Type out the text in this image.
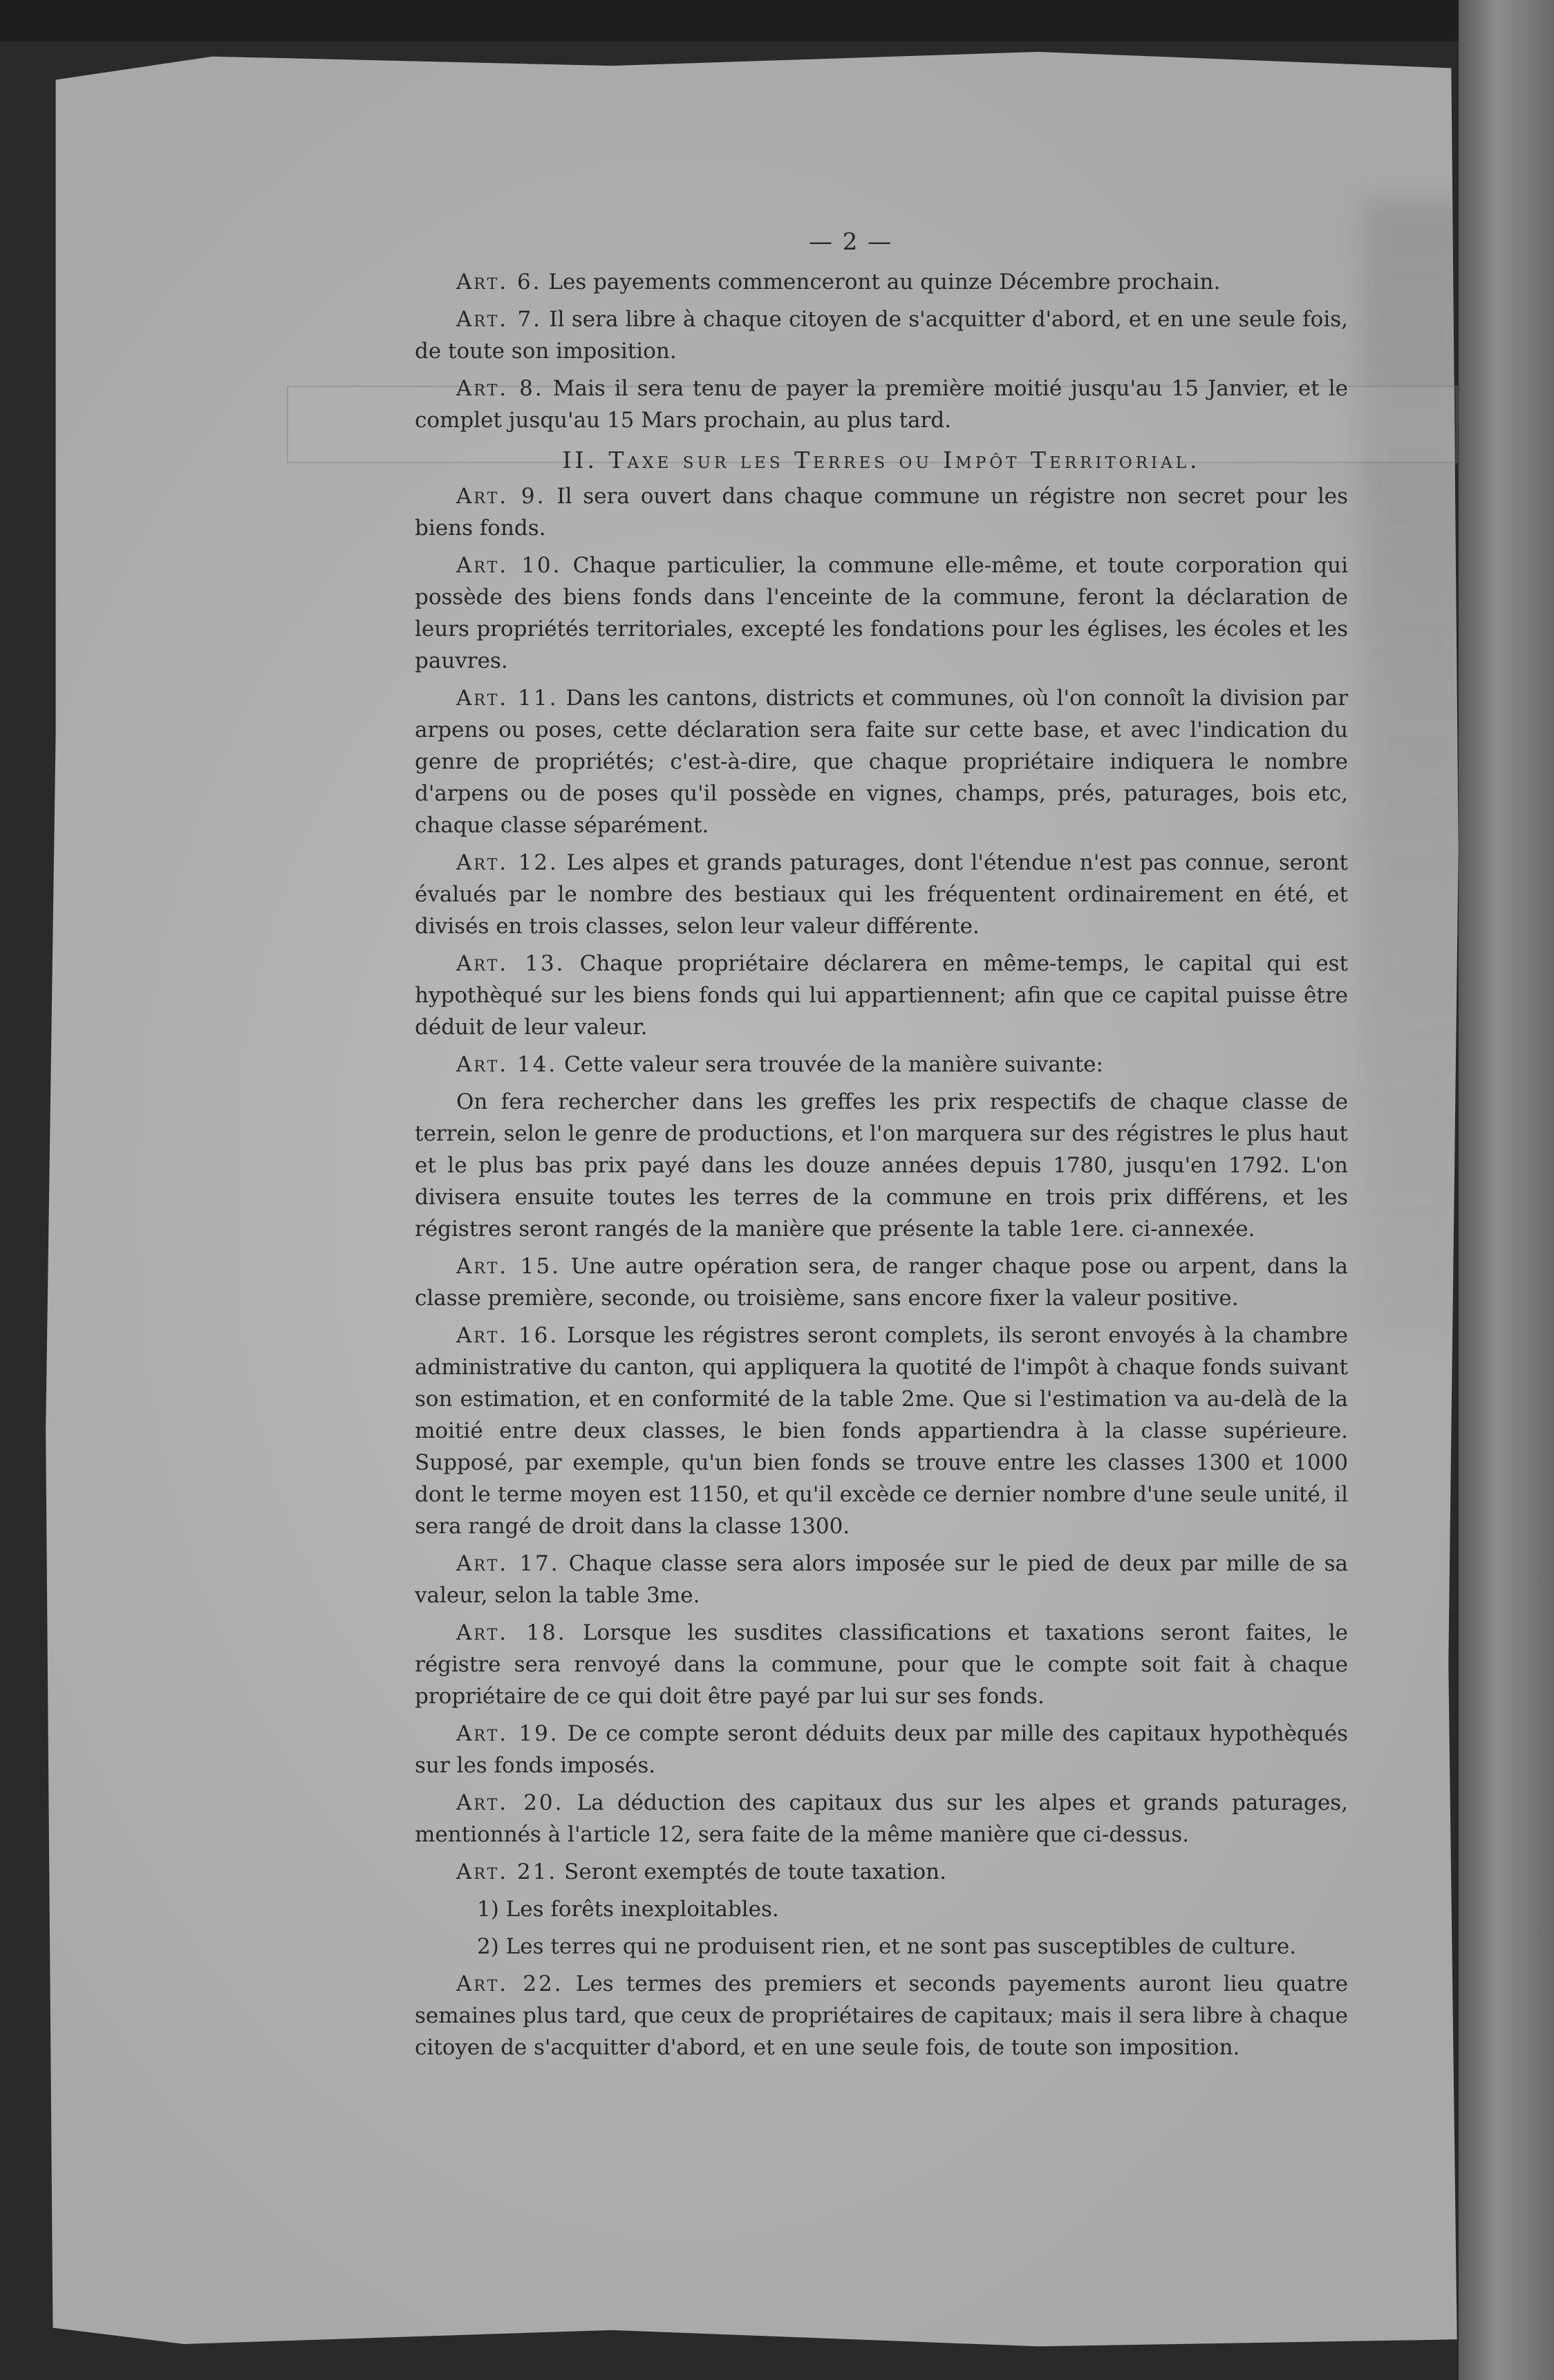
— 2 —

Art. 6. Les payements commenceront au quinze Décembre prochain.

Art. 7. Il sera libre à chaque citoyen de s'acquitter d'abord, et en une seule fois, de toute son imposition.

Art. 8. Mais il sera tenu de payer la première moitié jusqu'au 15 Janvier, et le complet jusqu'au 15 Mars prochain, au plus tard.

II. Taxe sur les Terres ou Impôt Territorial.

Art. 9. Il sera ouvert dans chaque commune un régistre non secret pour les biens fonds.

Art. 10. Chaque particulier, la commune elle-même, et toute corporation qui possède des biens fonds dans l'enceinte de la commune, feront la déclaration de leurs propriétés territoriales, excepté les fondations pour les églises, les écoles et les pauvres.

Art. 11. Dans les cantons, districts et communes, où l'on connoît la division par arpens ou poses, cette déclaration sera faite sur cette base, et avec l'indication du genre de propriétés; c'est-à-dire, que chaque propriétaire indiquera le nombre d'arpens ou de poses qu'il possède en vignes, champs, prés, paturages, bois etc, chaque classe séparément.

Art. 12. Les alpes et grands paturages, dont l'étendue n'est pas connue, seront évalués par le nombre des bestiaux qui les fréquentent ordinairement en été, et divisés en trois classes, selon leur valeur différente.

Art. 13. Chaque propriétaire déclarera en même-temps, le capital qui est hypothèqué sur les biens fonds qui lui appartiennent; afin que ce capital puisse être déduit de leur valeur.

Art. 14. Cette valeur sera trouvée de la manière suivante:

On fera rechercher dans les greffes les prix respectifs de chaque classe de terrein, selon le genre de productions, et l'on marquera sur des régistres le plus haut et le plus bas prix payé dans les douze années depuis 1780, jusqu'en 1792. L'on divisera ensuite toutes les terres de la commune en trois prix différens, et les régistres seront rangés de la manière que présente la table 1ere. ci-annexée.

Art. 15. Une autre opération sera, de ranger chaque pose ou arpent, dans la classe première, seconde, ou troisième, sans encore fixer la valeur positive.

Art. 16. Lorsque les régistres seront complets, ils seront envoyés à la chambre administrative du canton, qui appliquera la quotité de l'impôt à chaque fonds suivant son estimation, et en conformité de la table 2me. Que si l'estimation va au-delà de la moitié entre deux classes, le bien fonds appartiendra à la classe supérieure. Supposé, par exemple, qu'un bien fonds se trouve entre les classes 1300 et 1000 dont le terme moyen est 1150, et qu'il excède ce dernier nombre d'une seule unité, il sera rangé de droit dans la classe 1300.

Art. 17. Chaque classe sera alors imposée sur le pied de deux par mille de sa valeur, selon la table 3me.

Art. 18. Lorsque les susdites classifications et taxations seront faites, le régistre sera renvoyé dans la commune, pour que le compte soit fait à chaque propriétaire de ce qui doit être payé par lui sur ses fonds.

Art. 19. De ce compte seront déduits deux par mille des capitaux hypothèqués sur les fonds imposés.

Art. 20. La déduction des capitaux dus sur les alpes et grands paturages, mentionnés à l'article 12, sera faite de la même manière que ci-dessus.

Art. 21. Seront exemptés de toute taxation.

1) Les forêts inexploitables.

2) Les terres qui ne produisent rien, et ne sont pas susceptibles de culture.

Art. 22. Les termes des premiers et seconds payements auront lieu quatre semaines plus tard, que ceux de propriétaires de capitaux; mais il sera libre à chaque citoyen de s'acquitter d'abord, et en une seule fois, de toute son imposition.
